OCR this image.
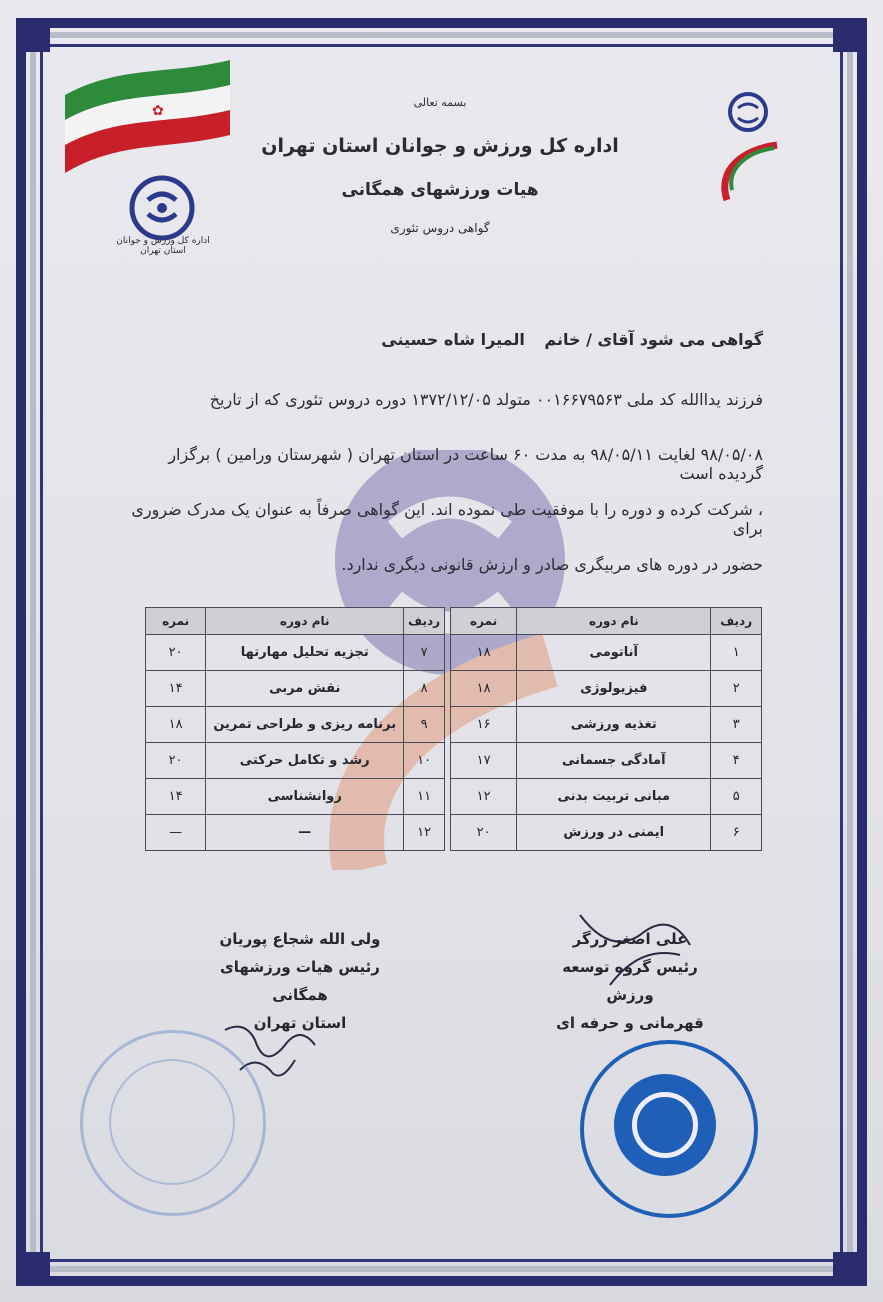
✿
اداره کل ورزش و جوانان استان تهران
بسمه تعالی
اداره کل ورزش و جوانان استان تهران
هیات ورزشهای همگانی
گواهی دروس تئوری
گواهی می شود آقای / خانم المیرا شاه حسینی
فرزند یداالله کد ملی ۰۰۱۶۶۷۹۵۶۳ متولد ۱۳۷۲/۱۲/۰۵ دوره دروس تئوری که از تاریخ
۹۸/۰۵/۰۸ لغایت ۹۸/۰۵/۱۱ به مدت ۶۰ ساعت در استان تهران ( شهرستان ورامین ) برگزار گردیده است
، شرکت کرده و دوره را با موفقیت طی نموده اند. این گواهی صرفاً به عنوان یک مدرک ضروری برای
حضور در دوره های مربیگری صادر و ارزش قانونی دیگری ندارد.
ردیف	نام دوره	نمره
۱	آناتومی	۱۸
۲	فیزیولوژی	۱۸
۳	تغذیه ورزشی	۱۶
۴	آمادگی جسمانی	۱۷
۵	مبانی تربیت بدنی	۱۲
۶	ایمنی در ورزش	۲۰
ردیف	نام دوره	نمره
۷	تجزیه تحلیل مهارتها	۲۰
۸	نقش مربی	۱۴
۹	برنامه ریزی و طراحی تمرین	۱۸
۱۰	رشد و تکامل حرکتی	۲۰
۱۱	روانشناسی	۱۴
۱۲	—	—
علی اصغر زرگر
رئیس گروه توسعه ورزش
قهرمانی و حرفه ای
ولی الله شجاع پوریان
رئیس هیات ورزشهای همگانی
استان تهران
